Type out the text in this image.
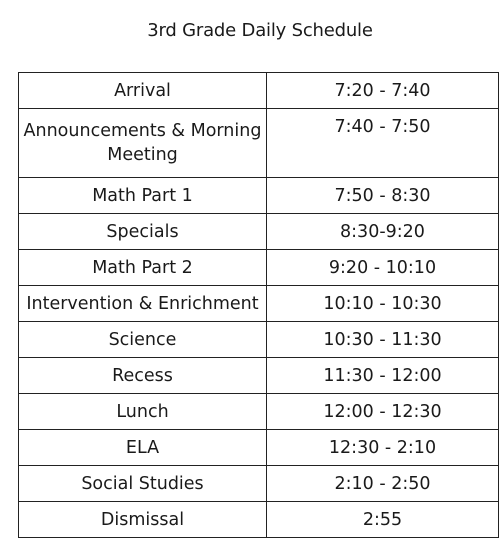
3rd Grade Daily Schedule
Arrival	7:20 - 7:40
Announcements & Morning Meeting	7:40 - 7:50
Math Part 1	7:50 - 8:30
Specials	8:30-9:20
Math Part 2	9:20 - 10:10
Intervention & Enrichment	10:10 - 10:30
Science	10:30 - 11:30
Recess	11:30 - 12:00
Lunch	12:00 - 12:30
ELA	12:30 - 2:10
Social Studies	2:10 - 2:50
Dismissal	2:55
